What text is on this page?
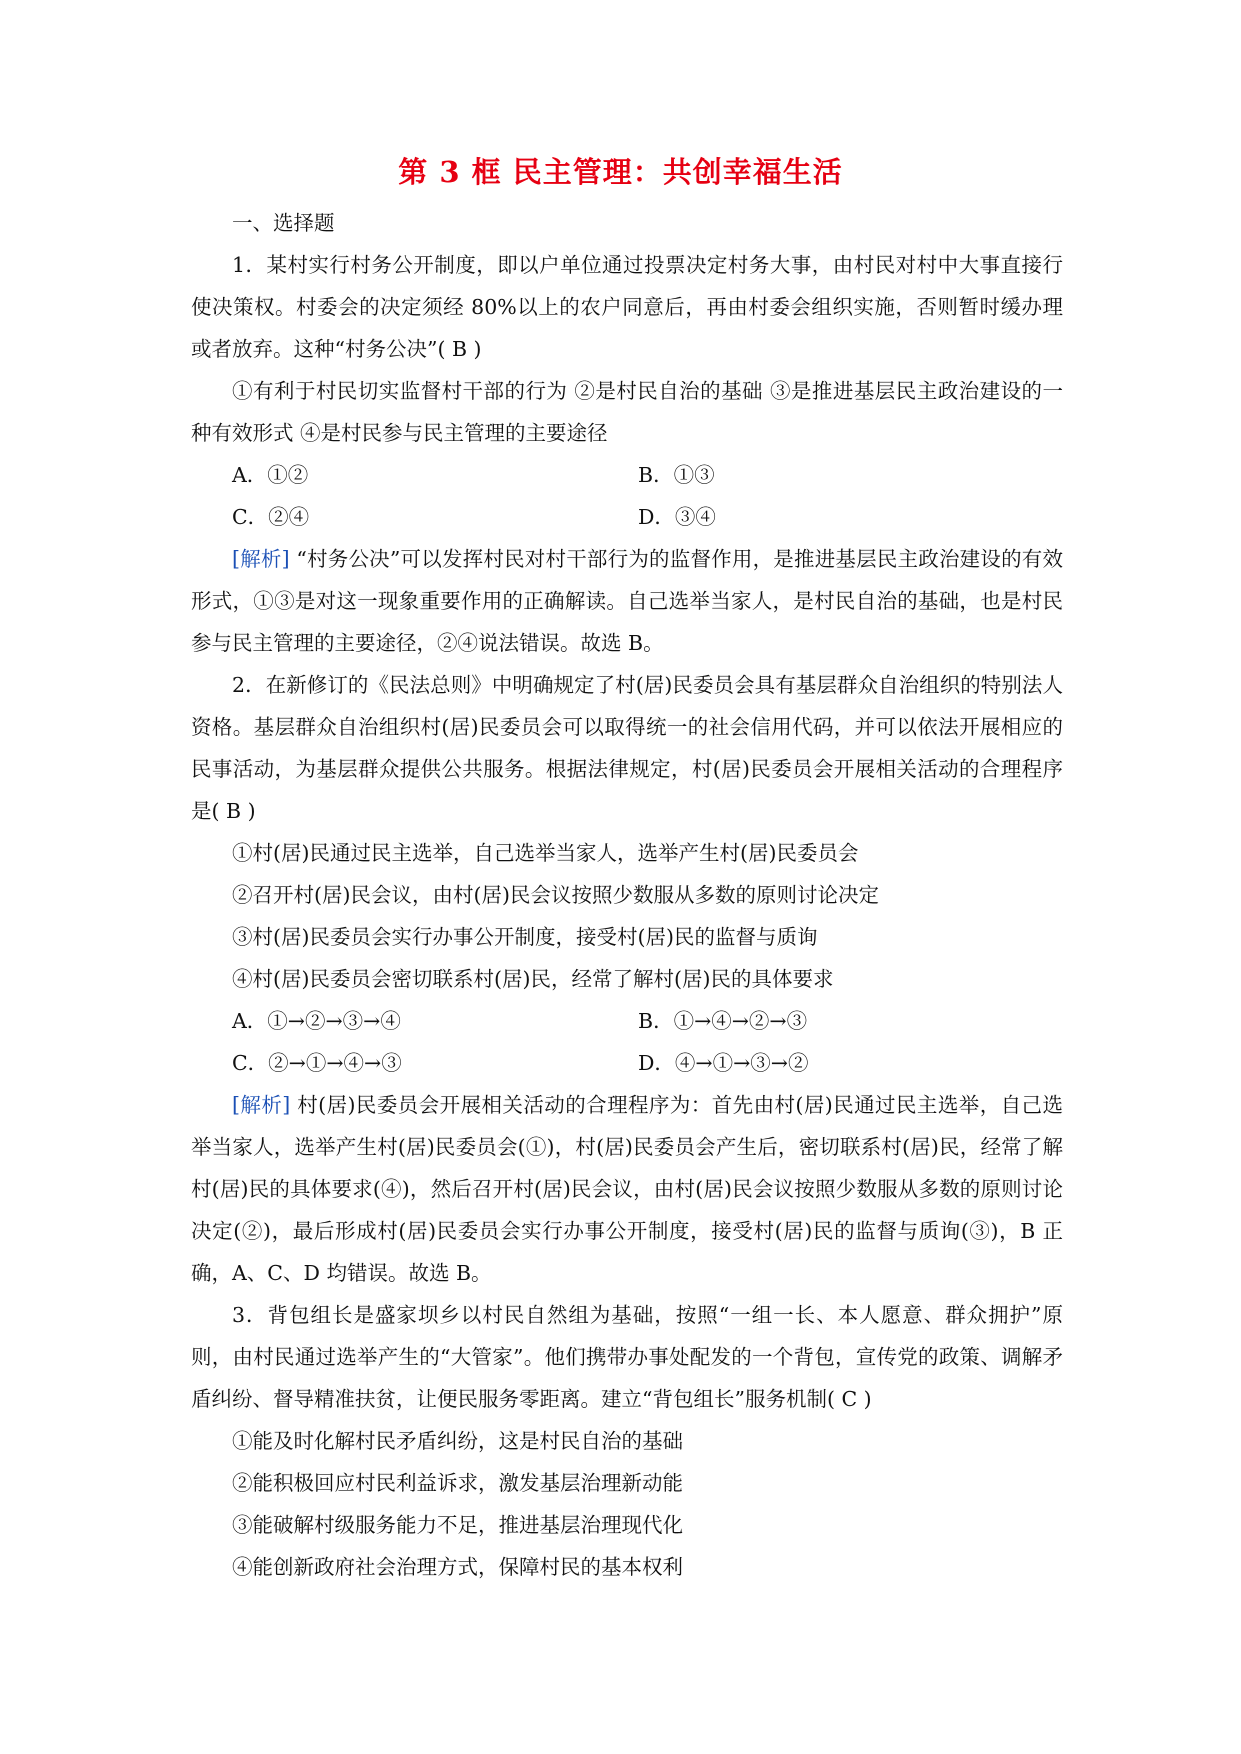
第 3 框 民主管理：共创幸福生活

一、选择题

1．某村实行村务公开制度，即以户单位通过投票决定村务大事，由村民对村中大事直接行使决策权。村委会的决定须经 80%以上的农户同意后，再由村委会组织实施，否则暂时缓办理或者放弃。这种“村务公决”( B )

①有利于村民切实监督村干部的行为 ②是村民自治的基础 ③是推进基层民主政治建设的一种有效形式 ④是村民参与民主管理的主要途径

A．①②	B．①③
C．②④	D．③④

[解析] “村务公决”可以发挥村民对村干部行为的监督作用，是推进基层民主政治建设的有效形式，①③是对这一现象重要作用的正确解读。自己选举当家人，是村民自治的基础，也是村民参与民主管理的主要途径，②④说法错误。故选 B。

2．在新修订的《民法总则》中明确规定了村(居)民委员会具有基层群众自治组织的特别法人资格。基层群众自治组织村(居)民委员会可以取得统一的社会信用代码，并可以依法开展相应的民事活动，为基层群众提供公共服务。根据法律规定，村(居)民委员会开展相关活动的合理程序是( B )

①村(居)民通过民主选举，自己选举当家人，选举产生村(居)民委员会

②召开村(居)民会议，由村(居)民会议按照少数服从多数的原则讨论决定

③村(居)民委员会实行办事公开制度，接受村(居)民的监督与质询

④村(居)民委员会密切联系村(居)民，经常了解村(居)民的具体要求

A．①→②→③→④	B．①→④→②→③
C．②→①→④→③	D．④→①→③→②

[解析] 村(居)民委员会开展相关活动的合理程序为：首先由村(居)民通过民主选举，自己选举当家人，选举产生村(居)民委员会(①)，村(居)民委员会产生后，密切联系村(居)民，经常了解村(居)民的具体要求(④)，然后召开村(居)民会议，由村(居)民会议按照少数服从多数的原则讨论决定(②)，最后形成村(居)民委员会实行办事公开制度，接受村(居)民的监督与质询(③)，B 正确，A、C、D 均错误。故选 B。

3．背包组长是盛家坝乡以村民自然组为基础，按照“一组一长、本人愿意、群众拥护”原则，由村民通过选举产生的“大管家”。他们携带办事处配发的一个背包，宣传党的政策、调解矛盾纠纷、督导精准扶贫，让便民服务零距离。建立“背包组长”服务机制( C )

①能及时化解村民矛盾纠纷，这是村民自治的基础

②能积极回应村民利益诉求，激发基层治理新动能

③能破解村级服务能力不足，推进基层治理现代化

④能创新政府社会治理方式，保障村民的基本权利
